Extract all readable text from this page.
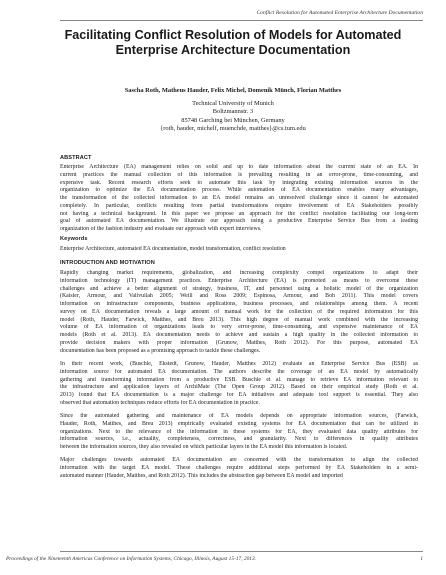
Conflict Resolution for Automated Enterprise Architecture Documentation
Facilitating Conflict Resolution of Models for Automated
Enterprise Architecture Documentation
Sascha Roth, Matheus Hauder, Felix Michel, Domenik Münch, Florian Matthes
Technical University of Munich
Boltzmannstr. 3
85748 Garching bei München, Germany
{roth, hauder, michelf, muenchde, matthes}@cs.tum.edu
ABSTRACT
Enterprise Architecture (EA) management relies on solid and up to date information about the current state of an EA. In
current practices the manual collection of this information is prevailing resulting in an error-prone, time-consuming, and
expensive task. Recent research efforts seek to automate this task by integrating existing information sources in the
organization to optimize the EA documentation process. While automation of EA documentation enables many advantages,
the transformation of the collected information to an EA model remains an unresolved challenge since it cannot be automated
completely. In particular, conflicts resulting from partial transformations require involvement of EA Stakeholders possibly
not having a technical background. In this paper we propose an approach for the conflict resolution facilitating our long-term
goal of automated EA documentation. We illustrate our approach using a productive Enterprise Service Bus from a leading
organization of the fashion industry and evaluate our approach with expert interviews.
Keywords
Enterprise Architecture, automated EA documentation, model transformation, conflict resolution
INTRODUCTION AND MOTIVATION
Rapidly changing market requirements, globalization, and increasing complexity compel organizations to adapt their
information technology (IT) management practices. Enterprise Architecture (EA) is promoted as means to overcome these
challenges and achieve a better alignment of strategy, business, IT, and personnel using a holistic model of the organization
(Kaisler, Armour, and Valivullah 2005; Weill and Ross 2009; Espinosa, Armour, and Boh 2011). This model covers
information on infrastructure components, business applications, business processes, and relationships among them. A recent
survey on EA documentation reveals a large amount of manual work for the collection of the required information for this
model (Roth, Hauder, Farwick, Matthes, and Breu 2013). This high degree of manual work combined with the increasing
volume of EA information of organizations leads to very error-prone, time-consuming, and expensive maintenance of EA
models (Roth et al. 2013). EA documentation needs to achieve and sustain a high quality in the collected information to
provide decision makers with proper information (Grunow, Matthes, Roth 2012). For this purpose, automated EA
documentation has been proposed as a promising approach to tackle these challenges.
In their recent work, (Buschle, Ekstedt, Grunow, Hauder, Matthes 2012) evaluate an Enterprise Service Bus (ESB) as
information source for automated EA documentation. The authors describe the coverage of an EA model by automatically
gathering and transforming information from a productive ESB. Buschle et al. manage to retrieve EA information relevant to
the infrastructure and application layers of ArchiMate (The Open Group 2012). Based on their empirical study (Roth et al.
2013) found that EA documentation is a major challenge for EA initiatives and adequate tool support is essential. They also
observed that automation techniques reduce efforts for EA documentation in practice.
Since the automated gathering and maintenance of EA models depends on appropriate information sources, (Farwick,
Hauder, Roth, Matthes, and Breu 2013) empirically evaluated existing systems for EA documentation that can be utilized in
organizations. Next to the relevance of the information in these systems for EA, they evaluated data quality attributes for
information sources, i.e., actuality, completeness, correctness, and granularity. Next to differences in quality attributes
between the information sources, they also revealed on which particular layers in the EA model this information is located.
Major challenges towards automated EA documentation are concerned with the transformation to align the collected
information with the target EA model. These challenges require additional steps performed by EA Stakeholders in a semi-
automated manner (Hauder, Matthes, and Roth 2012). This includes the abstraction gap between EA model and imported
Proceedings of the Nineteenth Americas Conference on Information Systems, Chicago, Illinois, August 15-17, 2013.	1
